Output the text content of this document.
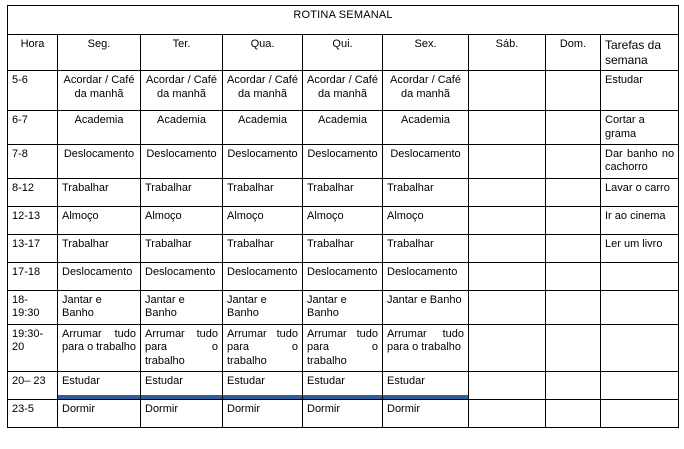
ROTINA SEMANAL								
Hora	Seg.	Ter.	Qua.	Qui.	Sex.	Sáb.	Dom.	Tarefas da semana
5-6	Acordar / Café da manhã	Acordar / Café da manhã	Acordar / Café da manhã	Acordar / Café da manhã	Acordar / Café da manhã			Estudar
6-7	Academia	Academia	Academia	Academia	Academia			Cortar a grama
7-8	Deslocamento	Deslocamento	Deslocamento	Deslocamento	Deslocamento			Dar banho no cachorro
8-12	Trabalhar	Trabalhar	Trabalhar	Trabalhar	Trabalhar			Lavar o carro
12-13	Almoço	Almoço	Almoço	Almoço	Almoço			Ir ao cinema
13-17	Trabalhar	Trabalhar	Trabalhar	Trabalhar	Trabalhar			Ler um livro
17-18	Deslocamento	Deslocamento	Deslocamento	Deslocamento	Deslocamento			
18-19:30	Jantar e Banho	Jantar e Banho	Jantar e Banho	Jantar e Banho	Jantar e Banho			
19:30-20	Arrumar tudo para o trabalho	Arrumar tudo para o trabalho	Arrumar tudo para o trabalho	Arrumar tudo para o trabalho	Arrumar tudo para o trabalho			
20– 23	Estudar	Estudar	Estudar	Estudar	Estudar

23-5	Dormir	Dormir	Dormir	Dormir	Dormir			
